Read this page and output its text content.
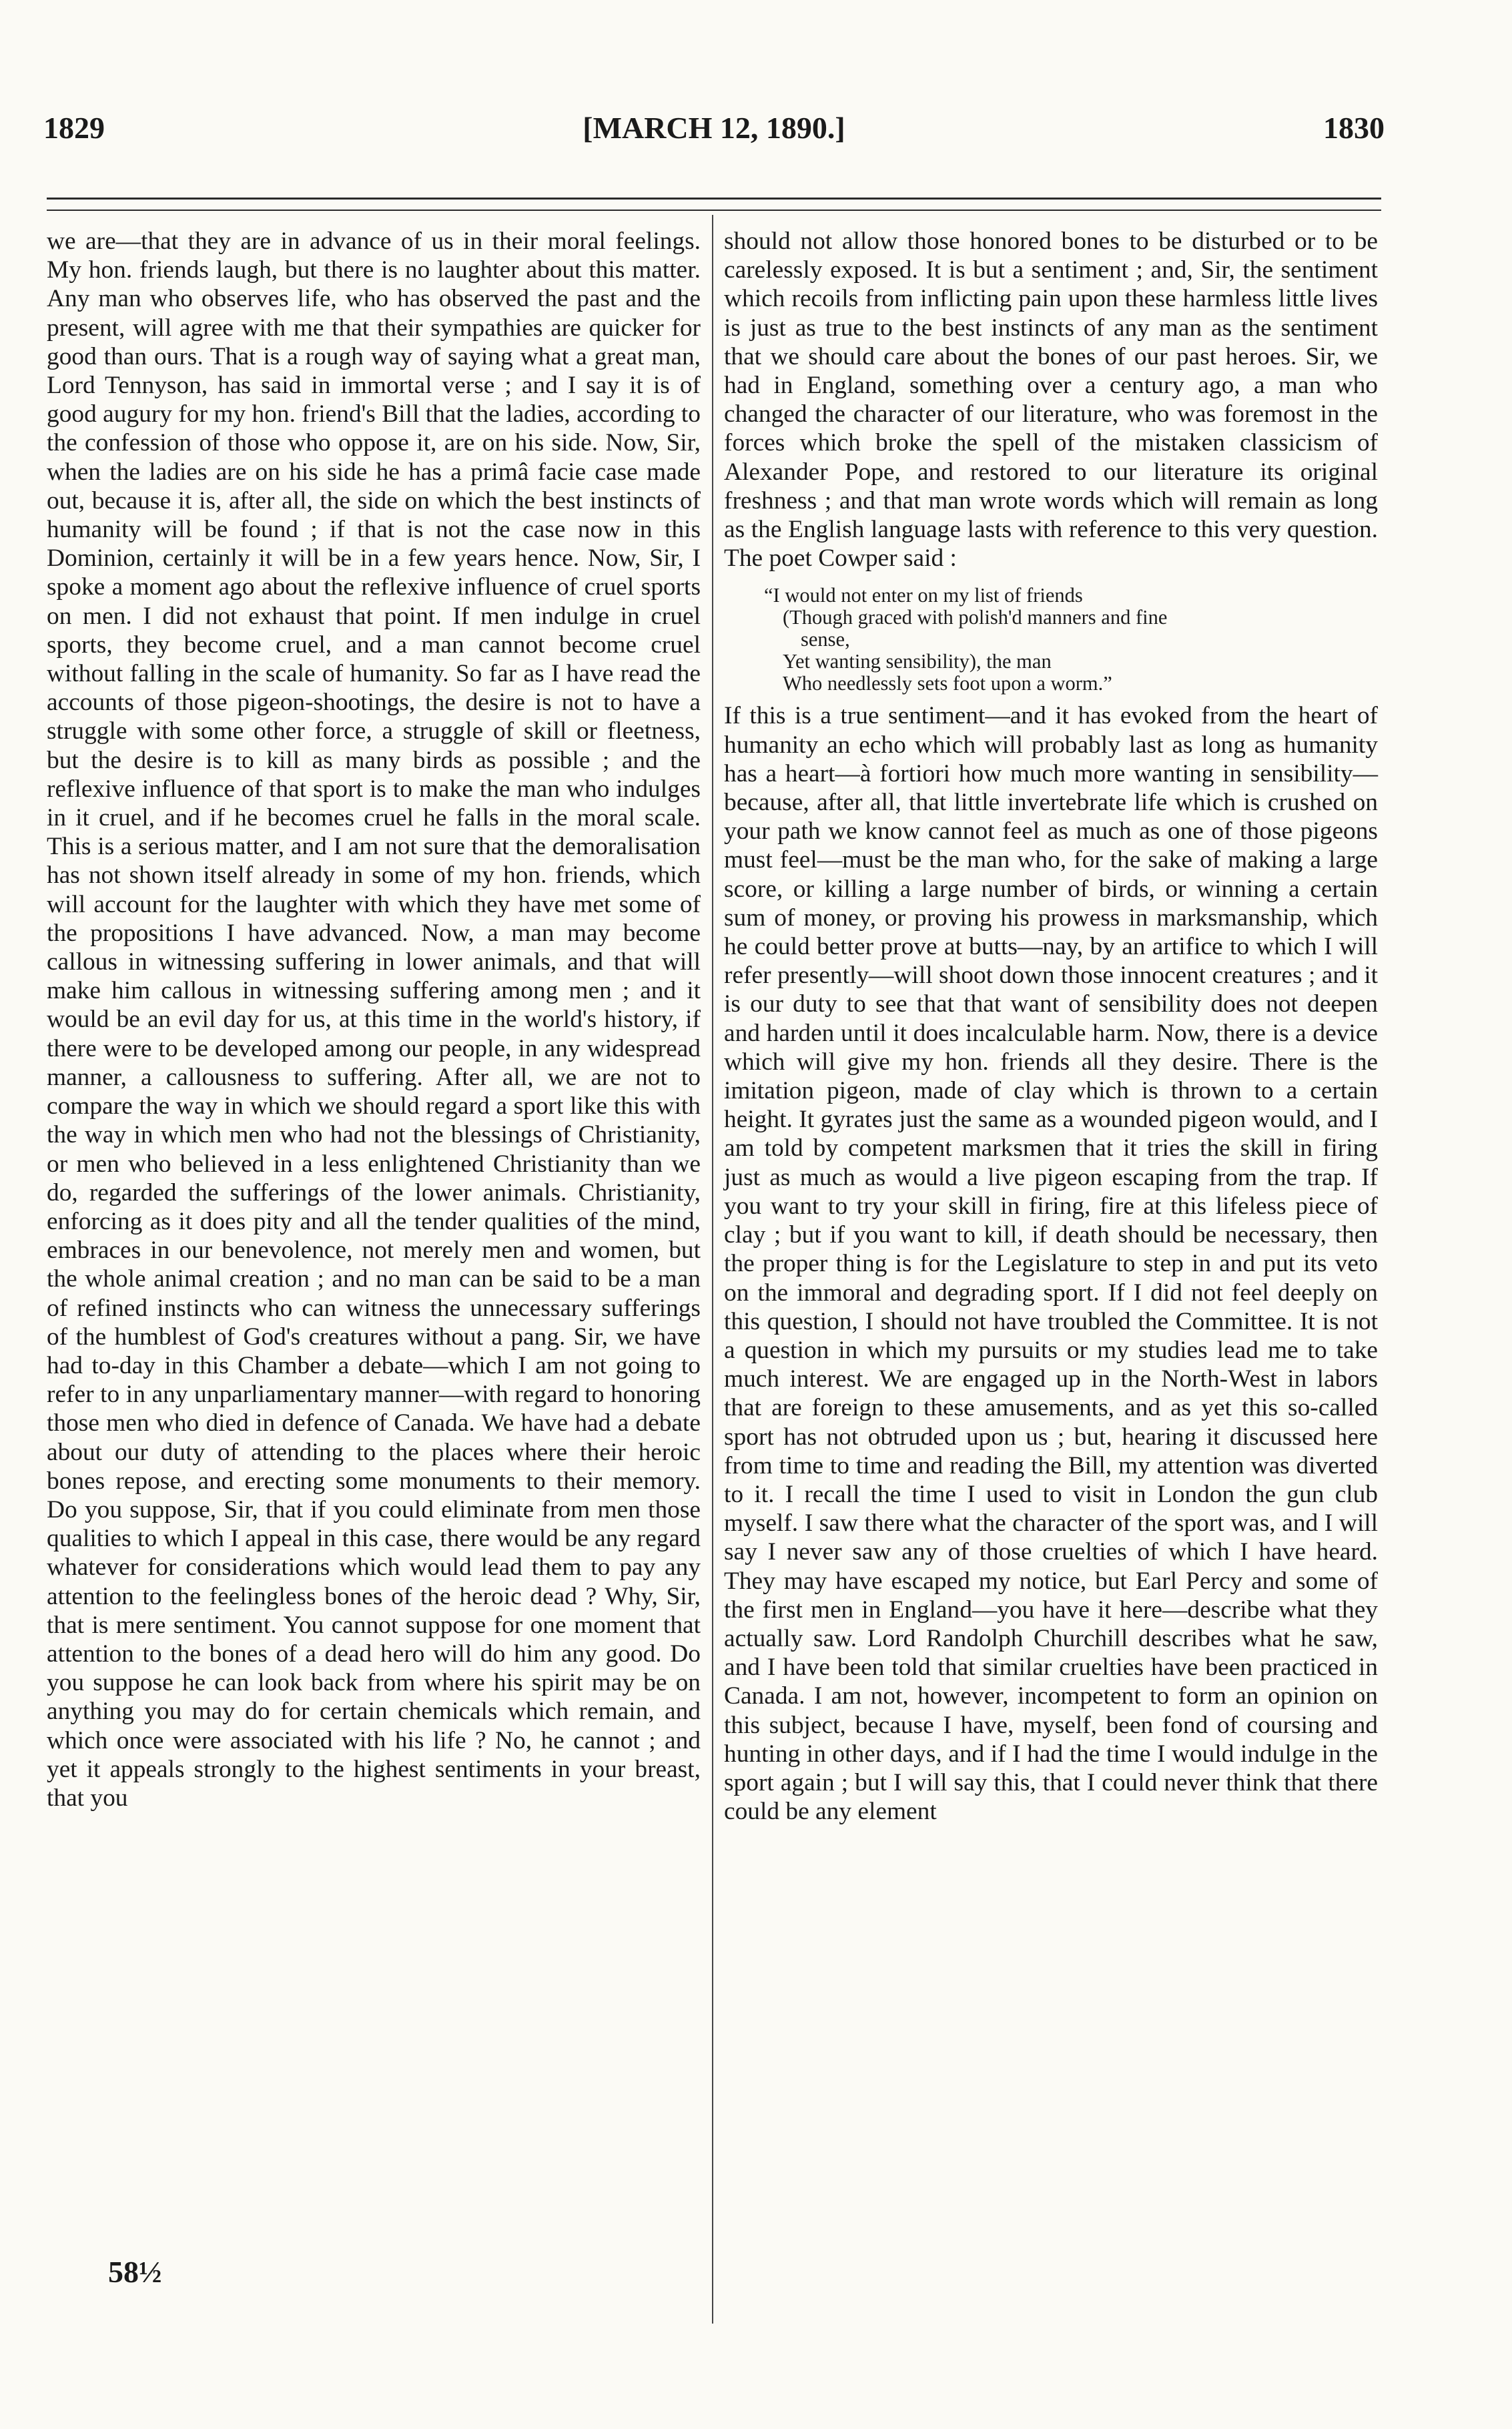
1829	[MARCH 12, 1890.]	1830

we are—that they are in advance of us in their moral feelings. My hon. friends laugh, but there is no laughter about this matter. Any man who observes life, who has observed the past and the present, will agree with me that their sympathies are quicker for good than ours. That is a rough way of saying what a great man, Lord Tennyson, has said in immortal verse ; and I say it is of good augury for my hon. friend's Bill that the ladies, according to the confession of those who oppose it, are on his side. Now, Sir, when the ladies are on his side he has a primâ facie case made out, because it is, after all, the side on which the best instincts of humanity will be found ; if that is not the case now in this Dominion, certainly it will be in a few years hence. Now, Sir, I spoke a moment ago about the reflexive influence of cruel sports on men. I did not exhaust that point. If men indulge in cruel sports, they become cruel, and a man cannot become cruel without falling in the scale of humanity. So far as I have read the accounts of those pigeon-shootings, the desire is not to have a struggle with some other force, a struggle of skill or fleetness, but the desire is to kill as many birds as possible ; and the reflexive influence of that sport is to make the man who indulges in it cruel, and if he becomes cruel he falls in the moral scale. This is a serious matter, and I am not sure that the demoralisation has not shown itself already in some of my hon. friends, which will account for the laughter with which they have met some of the propositions I have advanced. Now, a man may become callous in witnessing suffering in lower animals, and that will make him callous in witnessing suffering among men ; and it would be an evil day for us, at this time in the world's history, if there were to be developed among our people, in any widespread manner, a callousness to suffering. After all, we are not to compare the way in which we should regard a sport like this with the way in which men who had not the blessings of Christianity, or men who believed in a less enlightened Christianity than we do, regarded the sufferings of the lower animals. Christianity, enforcing as it does pity and all the tender qualities of the mind, embraces in our benevolence, not merely men and women, but the whole animal creation ; and no man can be said to be a man of refined instincts who can witness the unnecessary sufferings of the humblest of God's creatures without a pang. Sir, we have had to-day in this Chamber a debate—which I am not going to refer to in any unparliamentary manner—with regard to honoring those men who died in defence of Canada. We have had a debate about our duty of attending to the places where their heroic bones repose, and erecting some monuments to their memory. Do you suppose, Sir, that if you could eliminate from men those qualities to which I appeal in this case, there would be any regard whatever for considerations which would lead them to pay any attention to the feelingless bones of the heroic dead ? Why, Sir, that is mere sentiment. You cannot suppose for one moment that attention to the bones of a dead hero will do him any good. Do you suppose he can look back from where his spirit may be on anything you may do for certain chemicals which remain, and which once were associated with his life ? No, he cannot ; and yet it appeals strongly to the highest sentiments in your breast, that you

should not allow those honored bones to be disturbed or to be carelessly exposed. It is but a sentiment ; and, Sir, the sentiment which recoils from inflicting pain upon these harmless little lives is just as true to the best instincts of any man as the sentiment that we should care about the bones of our past heroes. Sir, we had in England, something over a century ago, a man who changed the character of our literature, who was foremost in the forces which broke the spell of the mistaken classicism of Alexander Pope, and restored to our literature its original freshness ; and that man wrote words which will remain as long as the English language lasts with reference to this very question. The poet Cowper said :

“I would not enter on my list of friends
(Though graced with polish'd manners and fine
sense,
Yet wanting sensibility), the man
Who needlessly sets foot upon a worm.”

If this is a true sentiment—and it has evoked from the heart of humanity an echo which will probably last as long as humanity has a heart—à fortiori how much more wanting in sensibility—because, after all, that little invertebrate life which is crushed on your path we know cannot feel as much as one of those pigeons must feel—must be the man who, for the sake of making a large score, or killing a large number of birds, or winning a certain sum of money, or proving his prowess in marksmanship, which he could better prove at butts—nay, by an artifice to which I will refer presently—will shoot down those innocent creatures ; and it is our duty to see that that want of sensibility does not deepen and harden until it does incalculable harm. Now, there is a device which will give my hon. friends all they desire. There is the imitation pigeon, made of clay which is thrown to a certain height. It gyrates just the same as a wounded pigeon would, and I am told by competent marksmen that it tries the skill in firing just as much as would a live pigeon escaping from the trap. If you want to try your skill in firing, fire at this lifeless piece of clay ; but if you want to kill, if death should be necessary, then the proper thing is for the Legislature to step in and put its veto on the immoral and degrading sport. If I did not feel deeply on this question, I should not have troubled the Committee. It is not a question in which my pursuits or my studies lead me to take much interest. We are engaged up in the North-West in labors that are foreign to these amusements, and as yet this so-called sport has not obtruded upon us ; but, hearing it discussed here from time to time and reading the Bill, my attention was diverted to it. I recall the time I used to visit in London the gun club myself. I saw there what the character of the sport was, and I will say I never saw any of those cruelties of which I have heard. They may have escaped my notice, but Earl Percy and some of the first men in England—you have it here—describe what they actually saw. Lord Randolph Churchill describes what he saw, and I have been told that similar cruelties have been practiced in Canada. I am not, however, incompetent to form an opinion on this subject, because I have, myself, been fond of coursing and hunting in other days, and if I had the time I would indulge in the sport again ; but I will say this, that I could never think that there could be any element

58½
